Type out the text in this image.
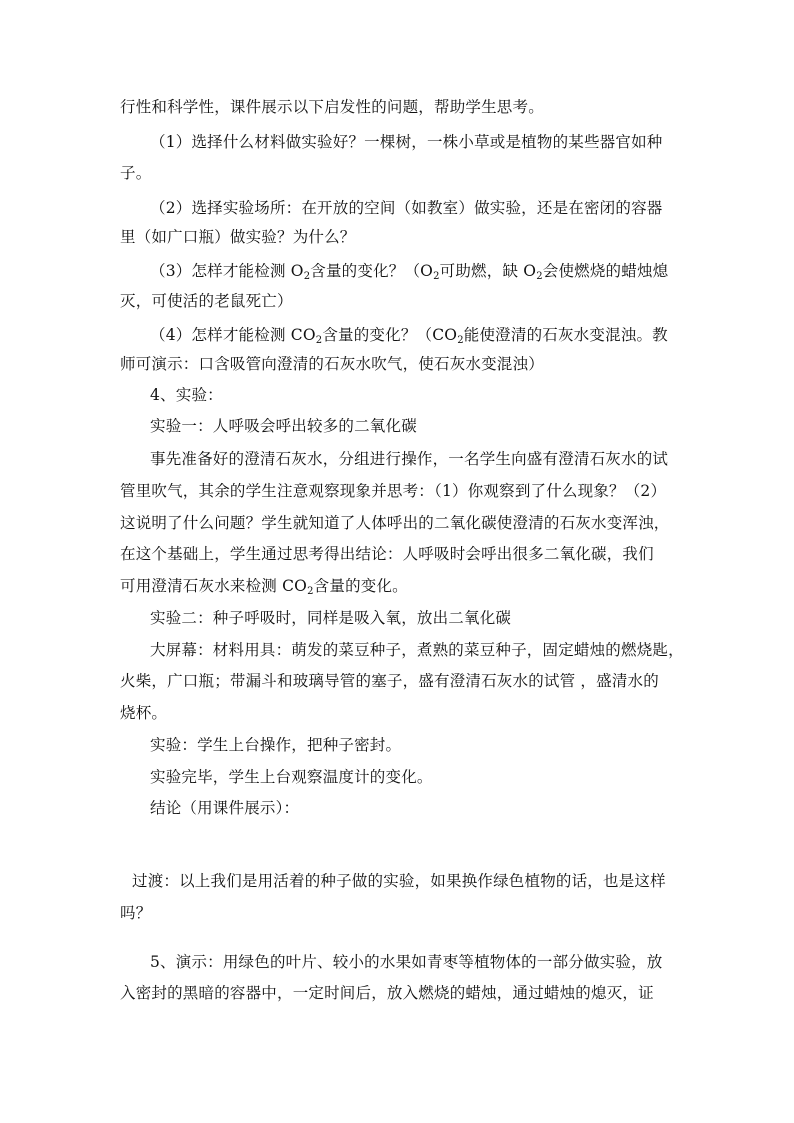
行性和科学性，课件展示以下启发性的问题，帮助学生思考。
（1）选择什么材料做实验好？一棵树，一株小草或是植物的某些器官如种
子。
（2）选择实验场所：在开放的空间（如教室）做实验，还是在密闭的容器
里（如广口瓶）做实验？为什么？
（3）怎样才能检测 $O_2$含量的变化？（$O_2$可助燃，缺 $O_2$会使燃烧的蜡烛熄
灭，可使活的老鼠死亡）
（4）怎样才能检测 $CO_2$含量的变化？（$CO_2$能使澄清的石灰水变混浊。教
师可演示：口含吸管向澄清的石灰水吹气，使石灰水变混浊）
4、实验：
实验一：人呼吸会呼出较多的二氧化碳
事先准备好的澄清石灰水，分组进行操作，一名学生向盛有澄清石灰水的试
管里吹气，其余的学生注意观察现象并思考：（1）你观察到了什么现象？（2）
这说明了什么问题？学生就知道了人体呼出的二氧化碳使澄清的石灰水变浑浊，
在这个基础上，学生通过思考得出结论：人呼吸时会呼出很多二氧化碳，我们
可用澄清石灰水来检测 $CO_2$含量的变化。
实验二：种子呼吸时，同样是吸入氧，放出二氧化碳
大屏幕：材料用具：萌发的菜豆种子，煮熟的菜豆种子，固定蜡烛的燃烧匙，
火柴，广口瓶；带漏斗和玻璃导管的塞子，盛有澄清石灰水的试管 ，盛清水的
烧杯。
实验：学生上台操作，把种子密封。
实验完毕，学生上台观察温度计的变化。
结论（用课件展示）：
过渡：以上我们是用活着的种子做的实验，如果换作绿色植物的话，也是这样
吗？
5、演示：用绿色的叶片、较小的水果如青枣等植物体的一部分做实验，放
入密封的黑暗的容器中，一定时间后，放入燃烧的蜡烛，通过蜡烛的熄灭，证
